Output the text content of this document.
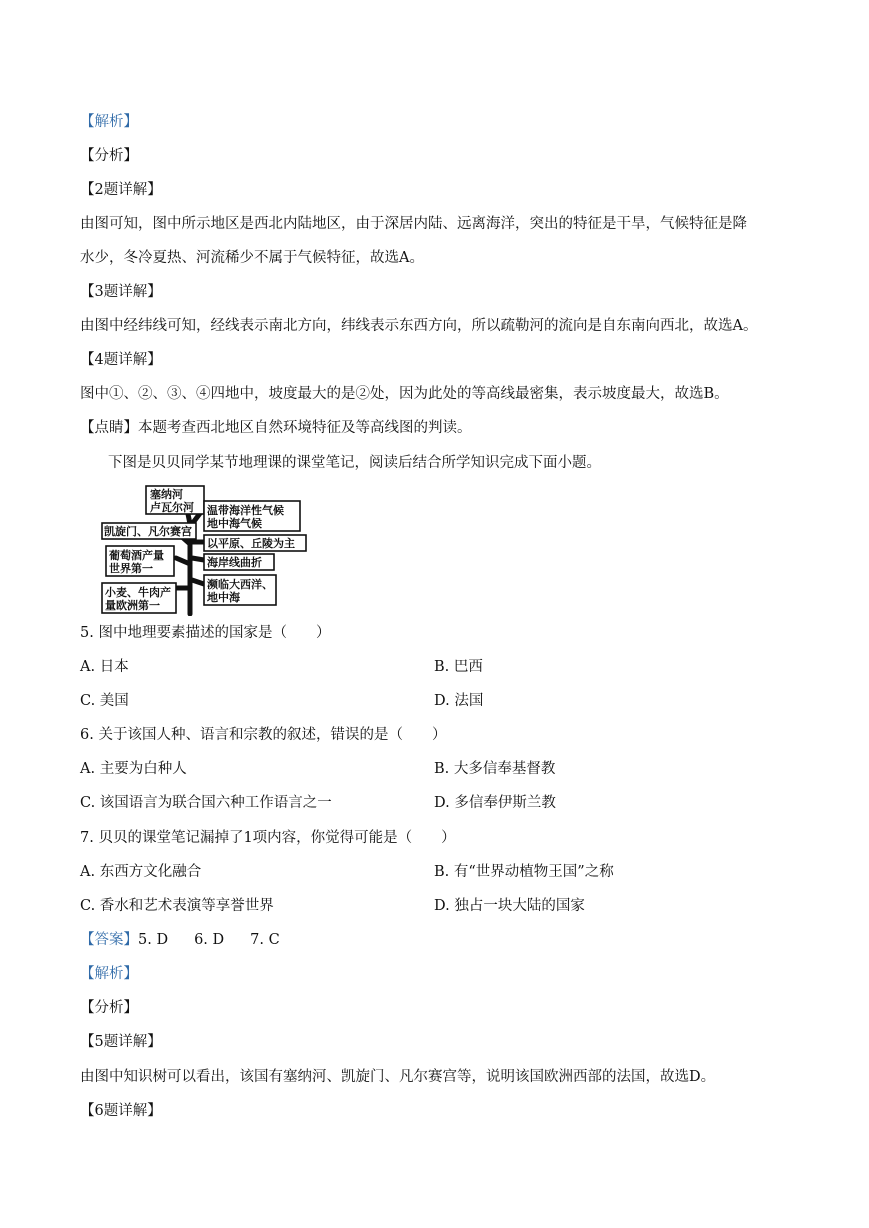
【解析】
【分析】
【2题详解】
由图可知，图中所示地区是西北内陆地区，由于深居内陆、远离海洋，突出的特征是干旱，气候特征是降
水少，冬冷夏热、河流稀少不属于气候特征，故选A。
【3题详解】
由图中经纬线可知，经线表示南北方向，纬线表示东西方向，所以疏勒河的流向是自东南向西北，故选A。
【4题详解】
图中①、②、③、④四地中，坡度最大的是②处，因为此处的等高线最密集，表示坡度最大，故选B。
【点睛】本题考查西北地区自然环境特征及等高线图的判读。
下图是贝贝同学某节地理课的课堂笔记，阅读后结合所学知识完成下面小题。
塞纳河
卢瓦尔河
凯旋门、凡尔赛宫
葡萄酒产量
世界第一
小麦、牛肉产
量欧洲第一
温带海洋性气候
地中海气候
以平原、丘陵为主
海岸线曲折
濒临大西洋、
地中海
5. 图中地理要素描述的国家是（　　）
A. 日本	B. 巴西
C. 美国	D. 法国
6. 关于该国人种、语言和宗教的叙述，错误的是（　　）
A. 主要为白种人	B. 大多信奉基督教
C. 该国语言为联合国六种工作语言之一	D. 多信奉伊斯兰教
7. 贝贝的课堂笔记漏掉了1项内容，你觉得可能是（　　）
A. 东西方文化融合	B. 有“世界动植物王国”之称
C. 香水和艺术表演等享誉世界	D. 独占一块大陆的国家
【答案】5. D 6. D 7. C
【解析】
【分析】
【5题详解】
由图中知识树可以看出，该国有塞纳河、凯旋门、凡尔赛宫等，说明该国欧洲西部的法国，故选D。
【6题详解】
